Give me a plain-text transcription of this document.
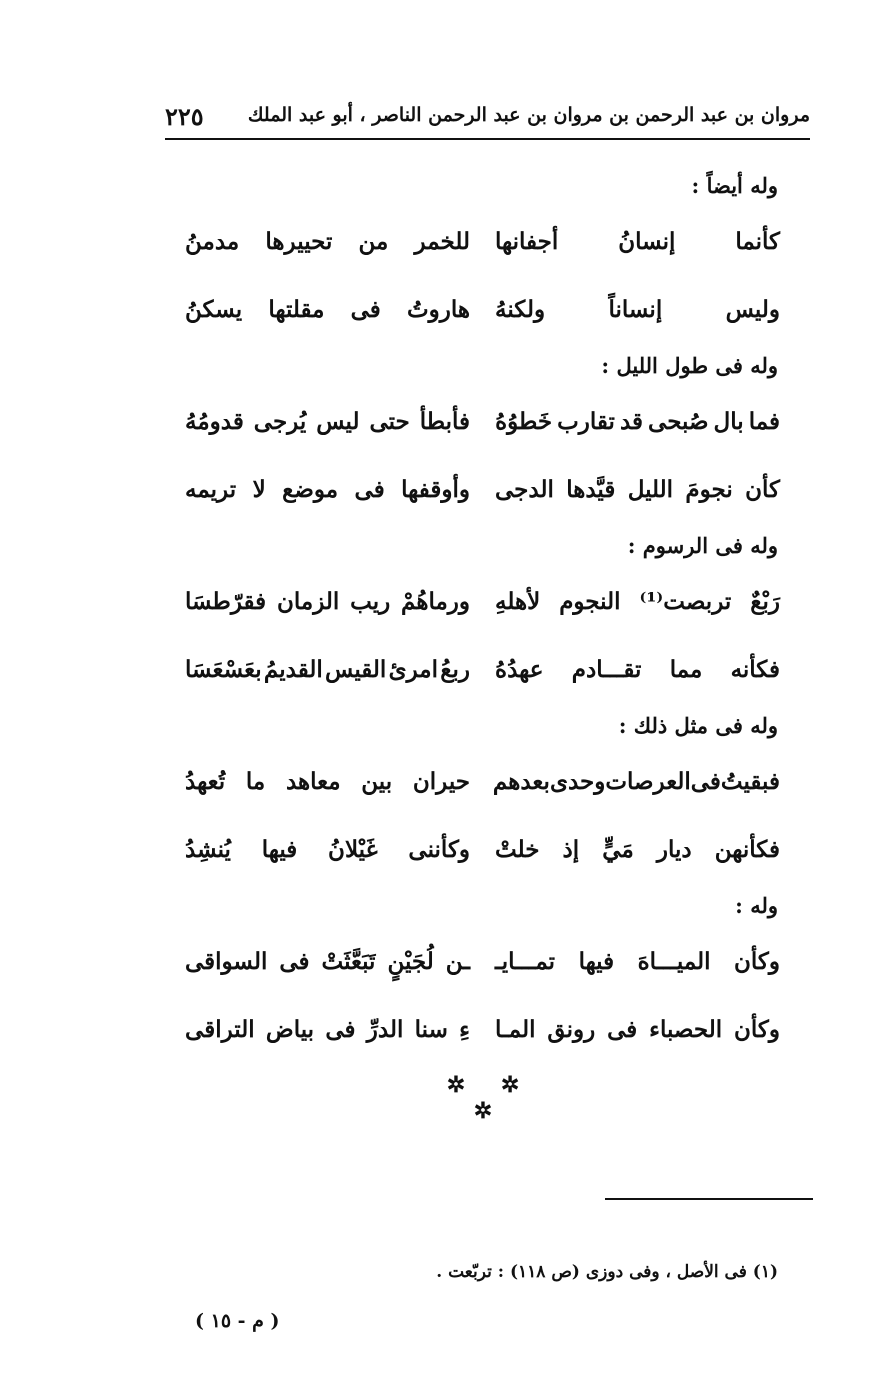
مروان بن عبد الرحمن بن مروان بن عبد الرحمن الناصر ، أبو عبد الملك
٢٢٥
وله أيضاً :
كأنما
إنسانُ
أجفانها
للخمر
من
تحييرها
مدمنُ
وليس
إنساناً
ولكنهُ
هاروتُ
فى
مقلتها
يسكنُ
وله فى طول الليل :
فما
بال
صُبحى
قد
تقارب
خَطوُهُ
فأبطأ
حتى
ليس
يُرجى
قدومُهُ
كأن
نجومَ
الليل
قيَّدها
الدجى
وأوقفها
فى
موضع
لا
تريمه
وله فى الرسوم :
رَبْعٌ
تربصت⁽¹⁾
النجوم
لأهلهِ
ورماهُمْ
ريب
الزمان
فقرّطسَا
فكأنه
مما
تقـــادم
عهدُهُ
ربعُ
امرئ
القيس
القديمُ
بعَسْعَسَا
وله فى مثل ذلك :
فبقيتُ
فى
العرصات
وحدى
بعدهم
حيران
بين
معاهد
ما
تُعهدُ
فكأنهن
ديار
مَيٍّ
إذ
خلتْ
وكأننى
غَيْلانُ
فيها
يُنشِدُ
وله :
وكأن
الميـــاهَ
فيها
تمـــايـ
ـن
لُجَيْنٍ
تَبَعَّثَتْ
فى
السواقى
وكأن
الحصباء
فى
رونق
المـا
ءِ
سنا
الدرِّ
فى
بياض
التراقى
✲ ✲ ✲
(١) فى الأصل ، وفى دوزى (ص ١١٨) : تربّعت .
( م - ١٥ )
